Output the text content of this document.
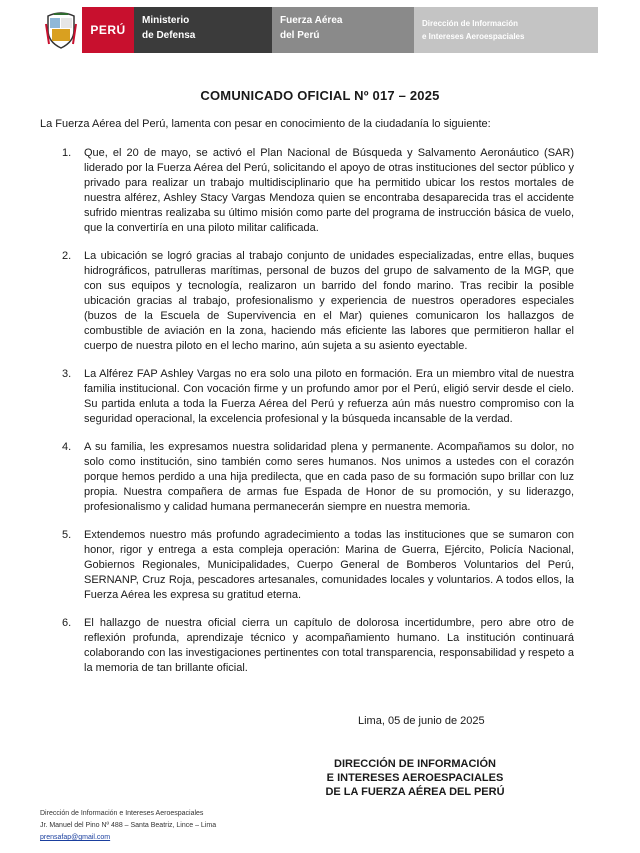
PERÚ
Ministerio
de Defensa
Fuerza Aérea
del Perú
Dirección de Información
e Intereses Aeroespaciales
COMUNICADO OFICIAL Nº 017 – 2025
La Fuerza Aérea del Perú, lamenta con pesar en conocimiento de la ciudadanía lo siguiente:
1.	Que, el 20 de mayo, se activó el Plan Nacional de Búsqueda y Salvamento Aeronáutico (SAR) liderado por la Fuerza Aérea del Perú, solicitando el apoyo de otras instituciones del sector público y privado para realizar un trabajo multidisciplinario que ha permitido ubicar los restos mortales de nuestra alférez, Ashley Stacy Vargas Mendoza quien se encontraba desaparecida tras el accidente sufrido mientras realizaba su último misión como parte del programa de instrucción básica de vuelo, que la convertiría en una piloto militar calificada.
2.	La ubicación se logró gracias al trabajo conjunto de unidades especializadas, entre ellas, buques hidrográficos, patrulleras marítimas, personal de buzos del grupo de salvamento de la MGP, que con sus equipos y tecnología, realizaron un barrido del fondo marino. Tras recibir la posible ubicación gracias al trabajo, profesionalismo y experiencia de nuestros operadores especiales (buzos de la Escuela de Supervivencia en el Mar) quienes comunicaron los hallazgos de combustible de aviación en la zona, haciendo más eficiente las labores que permitieron hallar el cuerpo de nuestra piloto en el lecho marino, aún sujeta a su asiento eyectable.
3.	La Alférez FAP Ashley Vargas no era solo una piloto en formación. Era un miembro vital de nuestra familia institucional. Con vocación firme y un profundo amor por el Perú, eligió servir desde el cielo. Su partida enluta a toda la Fuerza Aérea del Perú y refuerza aún más nuestro compromiso con la seguridad operacional, la excelencia profesional y la búsqueda incansable de la verdad.
4.	A su familia, les expresamos nuestra solidaridad plena y permanente. Acompañamos su dolor, no solo como institución, sino también como seres humanos. Nos unimos a ustedes con el corazón porque hemos perdido a una hija predilecta, que en cada paso de su formación supo brillar con luz propia. Nuestra compañera de armas fue Espada de Honor de su promoción, y su liderazgo, profesionalismo y calidad humana permanecerán siempre en nuestra memoria.
5.	Extendemos nuestro más profundo agradecimiento a todas las instituciones que se sumaron con honor, rigor y entrega a esta compleja operación: Marina de Guerra, Ejército, Policía Nacional, Gobiernos Regionales, Municipalidades, Cuerpo General de Bomberos Voluntarios del Perú, SERNANP, Cruz Roja, pescadores artesanales, comunidades locales y voluntarios. A todos ellos, la Fuerza Aérea les expresa su gratitud eterna.
6.	El hallazgo de nuestra oficial cierra un capítulo de dolorosa incertidumbre, pero abre otro de reflexión profunda, aprendizaje técnico y acompañamiento humano. La institución continuará colaborando con las investigaciones pertinentes con total transparencia, responsabilidad y respeto a la memoria de tan brillante oficial.
Lima, 05 de junio de 2025
DIRECCIÓN DE INFORMACIÓN
E INTERESES AEROESPACIALES
DE LA FUERZA AÉREA DEL PERÚ
Dirección de Información e Intereses Aeroespaciales
Jr. Manuel del Pino Nº 488 – Santa Beatriz, Lince – Lima
prensafap@gmail.com
